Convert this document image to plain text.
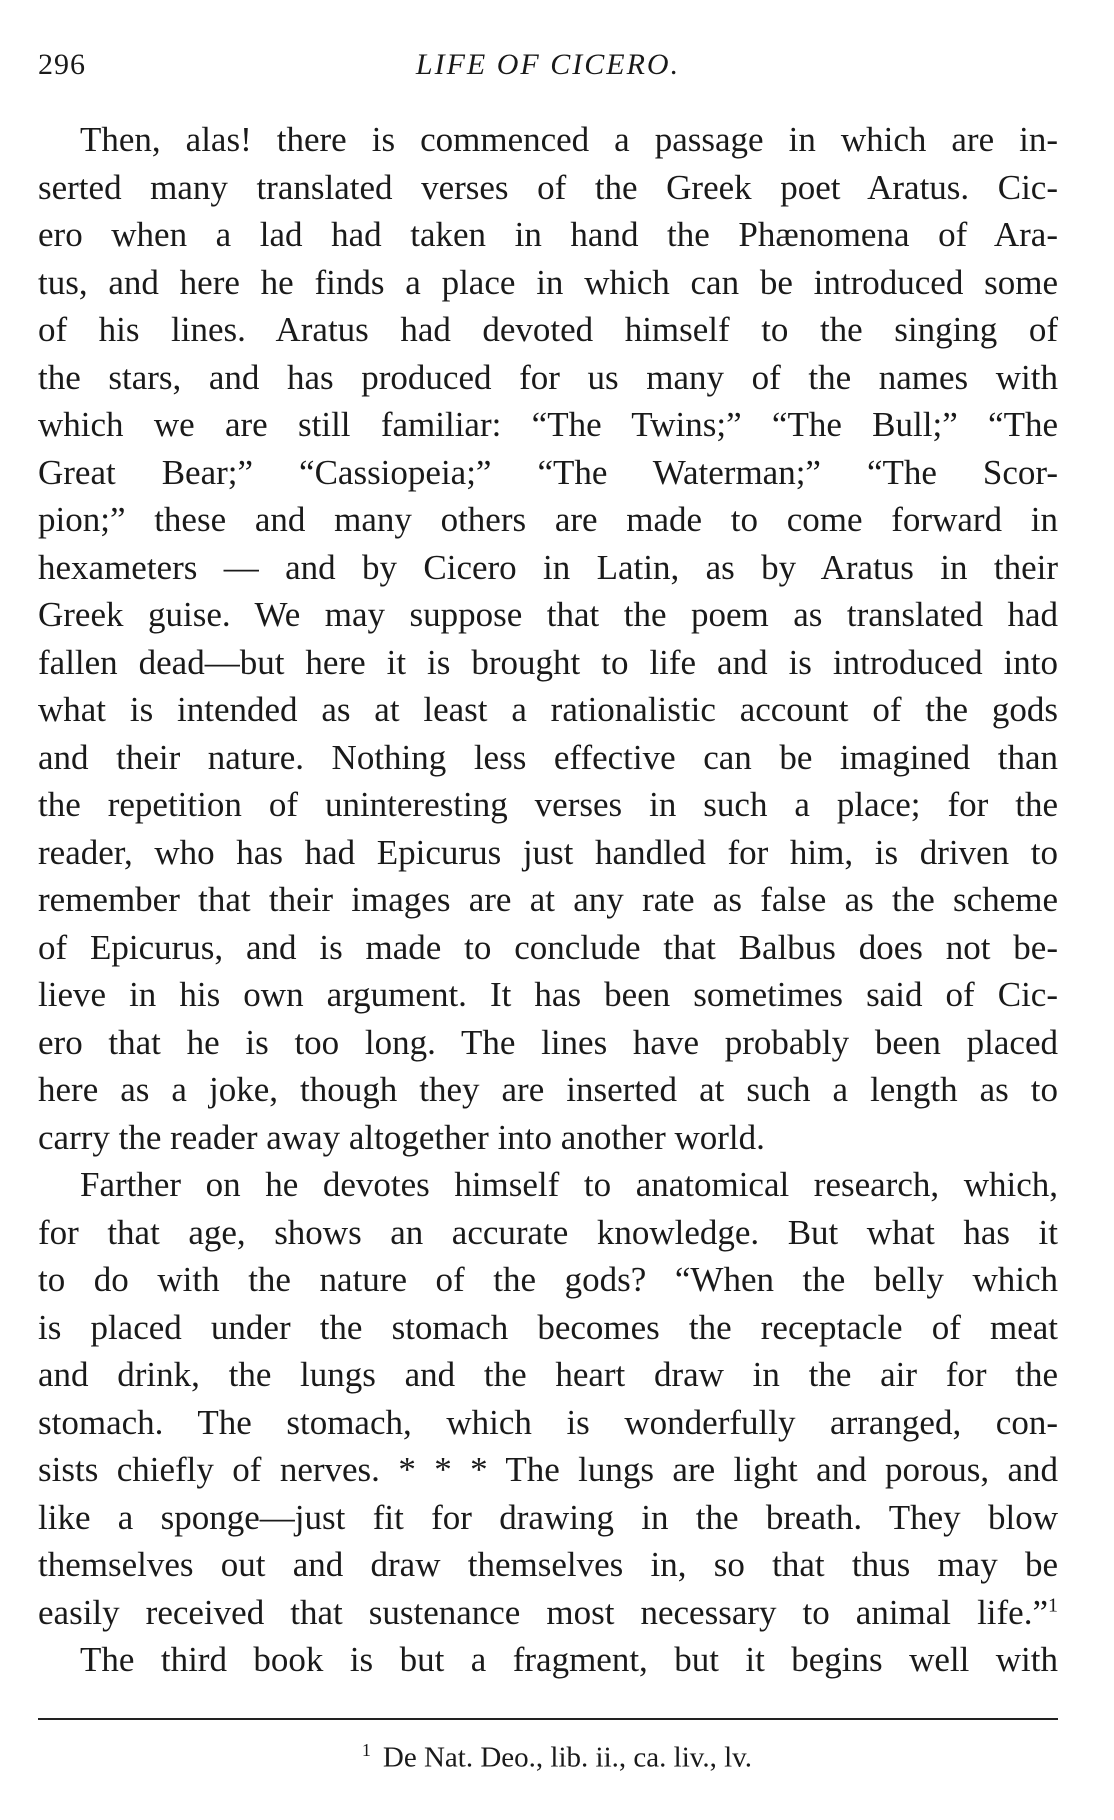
296	LIFE OF CICERO.
Then, alas! there is commenced a passage in which are in-
serted many translated verses of the Greek poet Aratus. Cic-
ero when a lad had taken in hand the Phænomena of Ara-
tus, and here he finds a place in which can be introduced some
of his lines. Aratus had devoted himself to the singing of
the stars, and has produced for us many of the names with
which we are still familiar: “The Twins;” “The Bull;” “The
Great Bear;” “Cassiopeia;” “The Waterman;” “The Scor-
pion;” these and many others are made to come forward in
hexameters — and by Cicero in Latin, as by Aratus in their
Greek guise. We may suppose that the poem as translated had
fallen dead—but here it is brought to life and is introduced into
what is intended as at least a rationalistic account of the gods
and their nature. Nothing less effective can be imagined than
the repetition of uninteresting verses in such a place; for the
reader, who has had Epicurus just handled for him, is driven to
remember that their images are at any rate as false as the scheme
of Epicurus, and is made to conclude that Balbus does not be-
lieve in his own argument. It has been sometimes said of Cic-
ero that he is too long. The lines have probably been placed
here as a joke, though they are inserted at such a length as to
carry the reader away altogether into another world.
Farther on he devotes himself to anatomical research, which,
for that age, shows an accurate knowledge. But what has it
to do with the nature of the gods? “When the belly which
is placed under the stomach becomes the receptacle of meat
and drink, the lungs and the heart draw in the air for the
stomach. The stomach, which is wonderfully arranged, con-
sists chiefly of nerves. * * * The lungs are light and porous, and
like a sponge—just fit for drawing in the breath. They blow
themselves out and draw themselves in, so that thus may be
easily received that sustenance most necessary to animal life.”$^1$
The third book is but a fragment, but it begins well with
$^1$ De Nat. Deo., lib. ii., ca. liv., lv.
